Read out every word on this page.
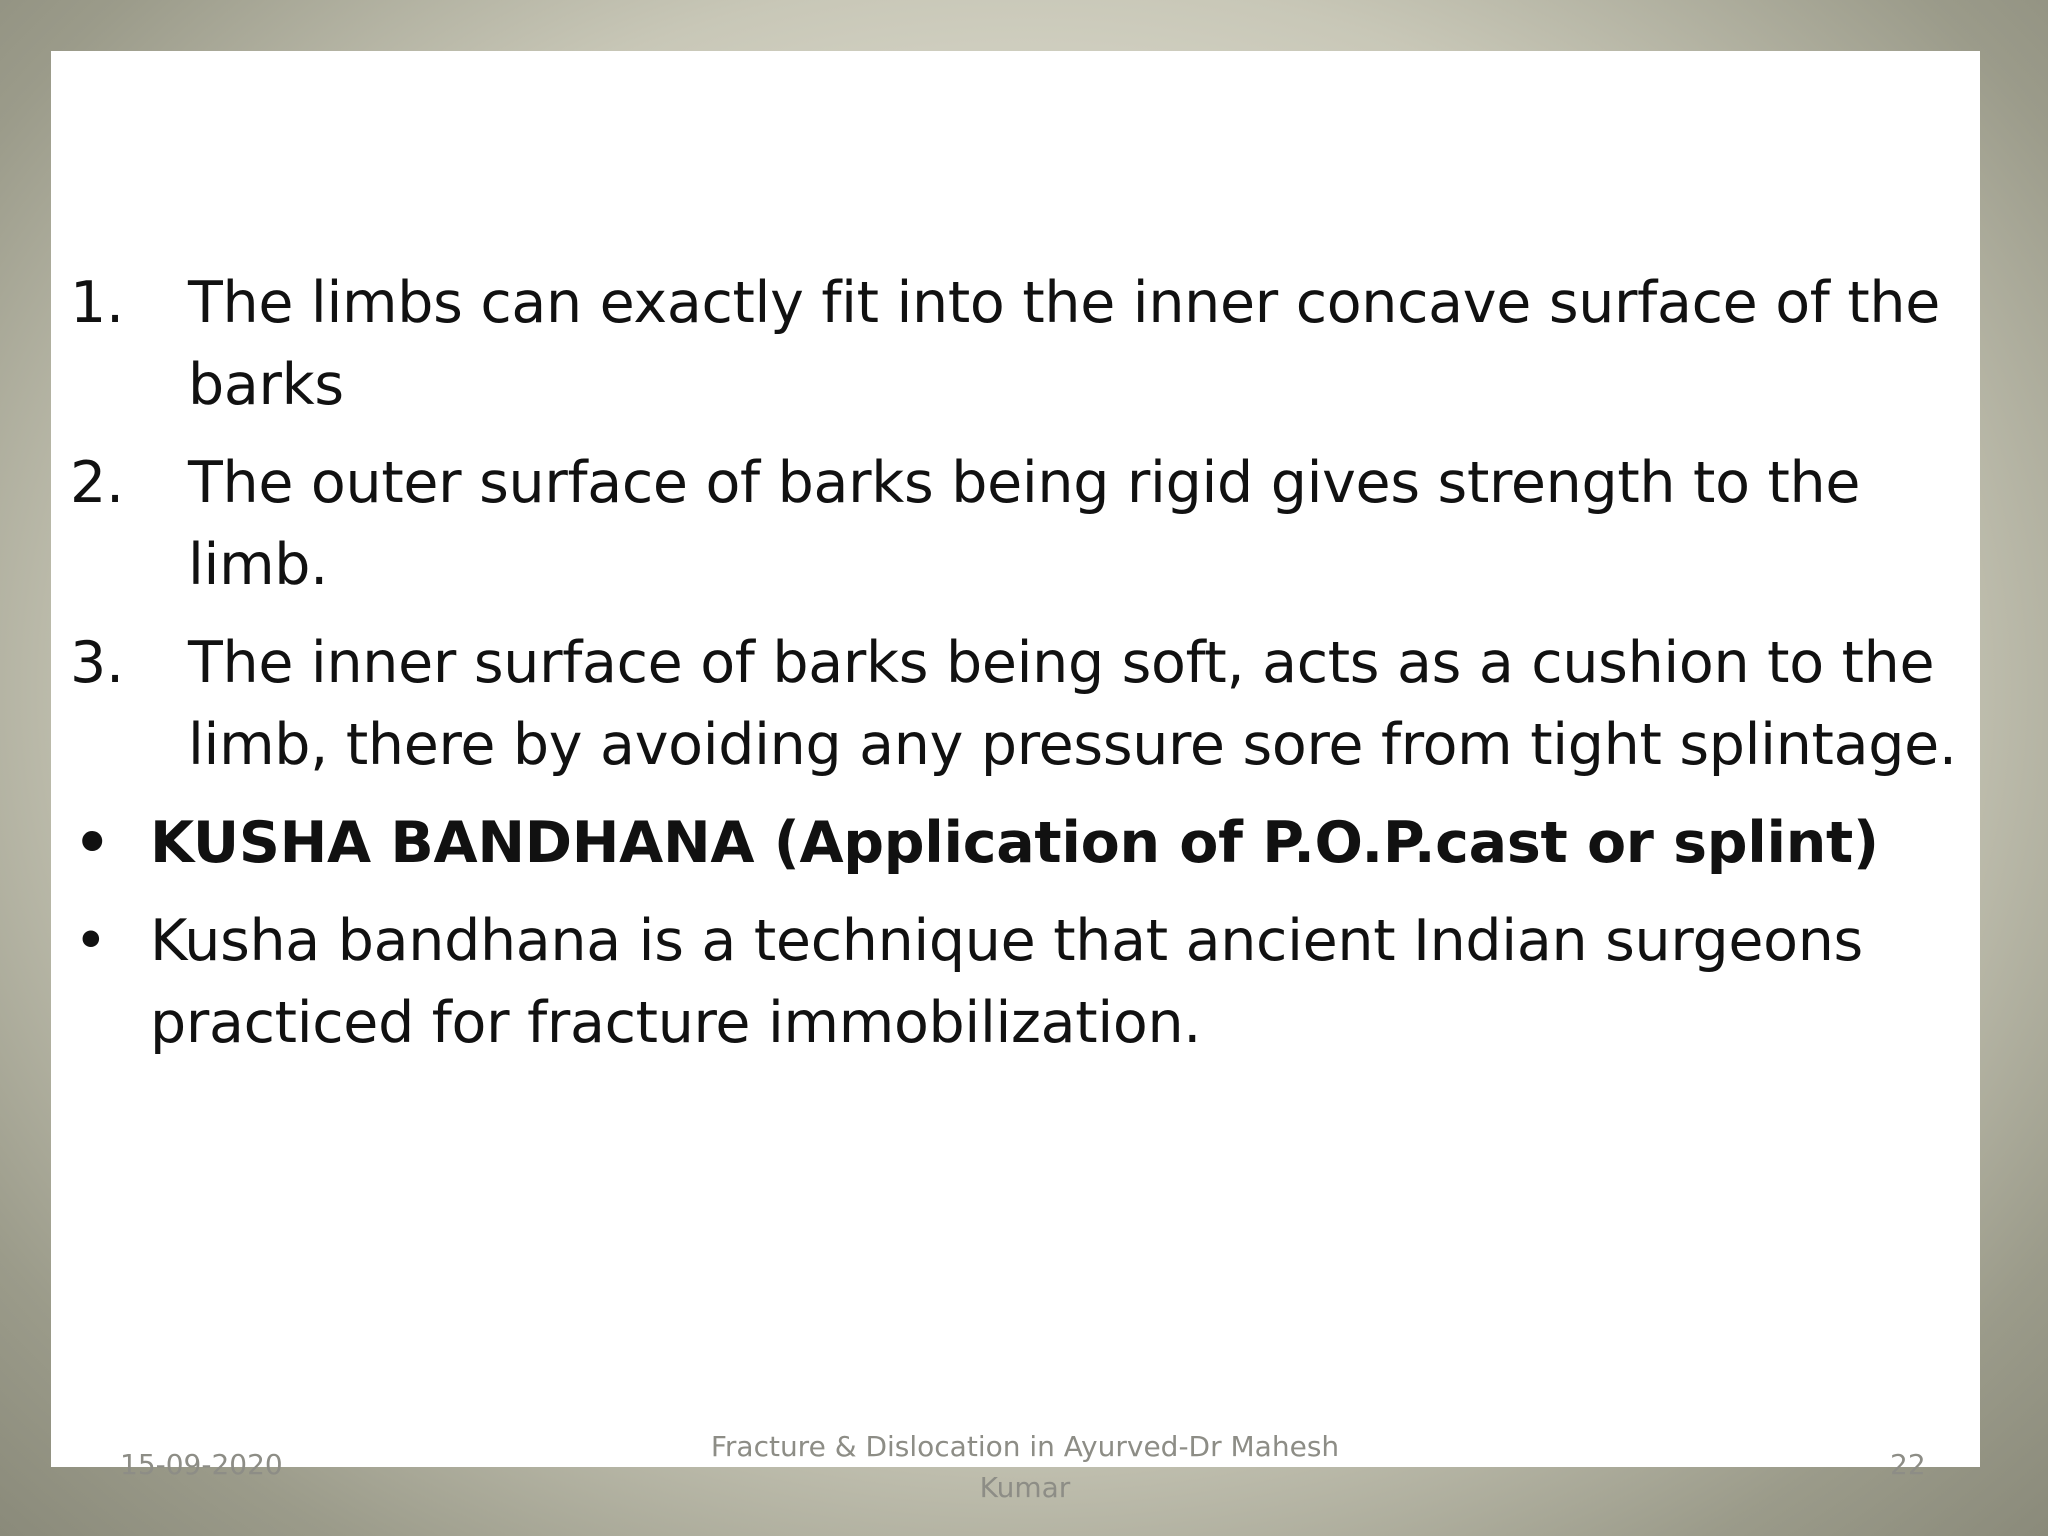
1. The limbs can exactly fit into the inner concave surface of the barks
2. The outer surface of barks being rigid gives strength to the limb.
3. The inner surface of barks being soft, acts as a cushion to the limb, there by avoiding any pressure sore from tight splintage.
• KUSHA BANDHANA (Application of P.O.P.cast or splint)
• Kusha bandhana is a technique that ancient Indian surgeons practiced for fracture immobilization.
15-09-2020
Fracture & Dislocation in Ayurved-Dr Mahesh Kumar
22
